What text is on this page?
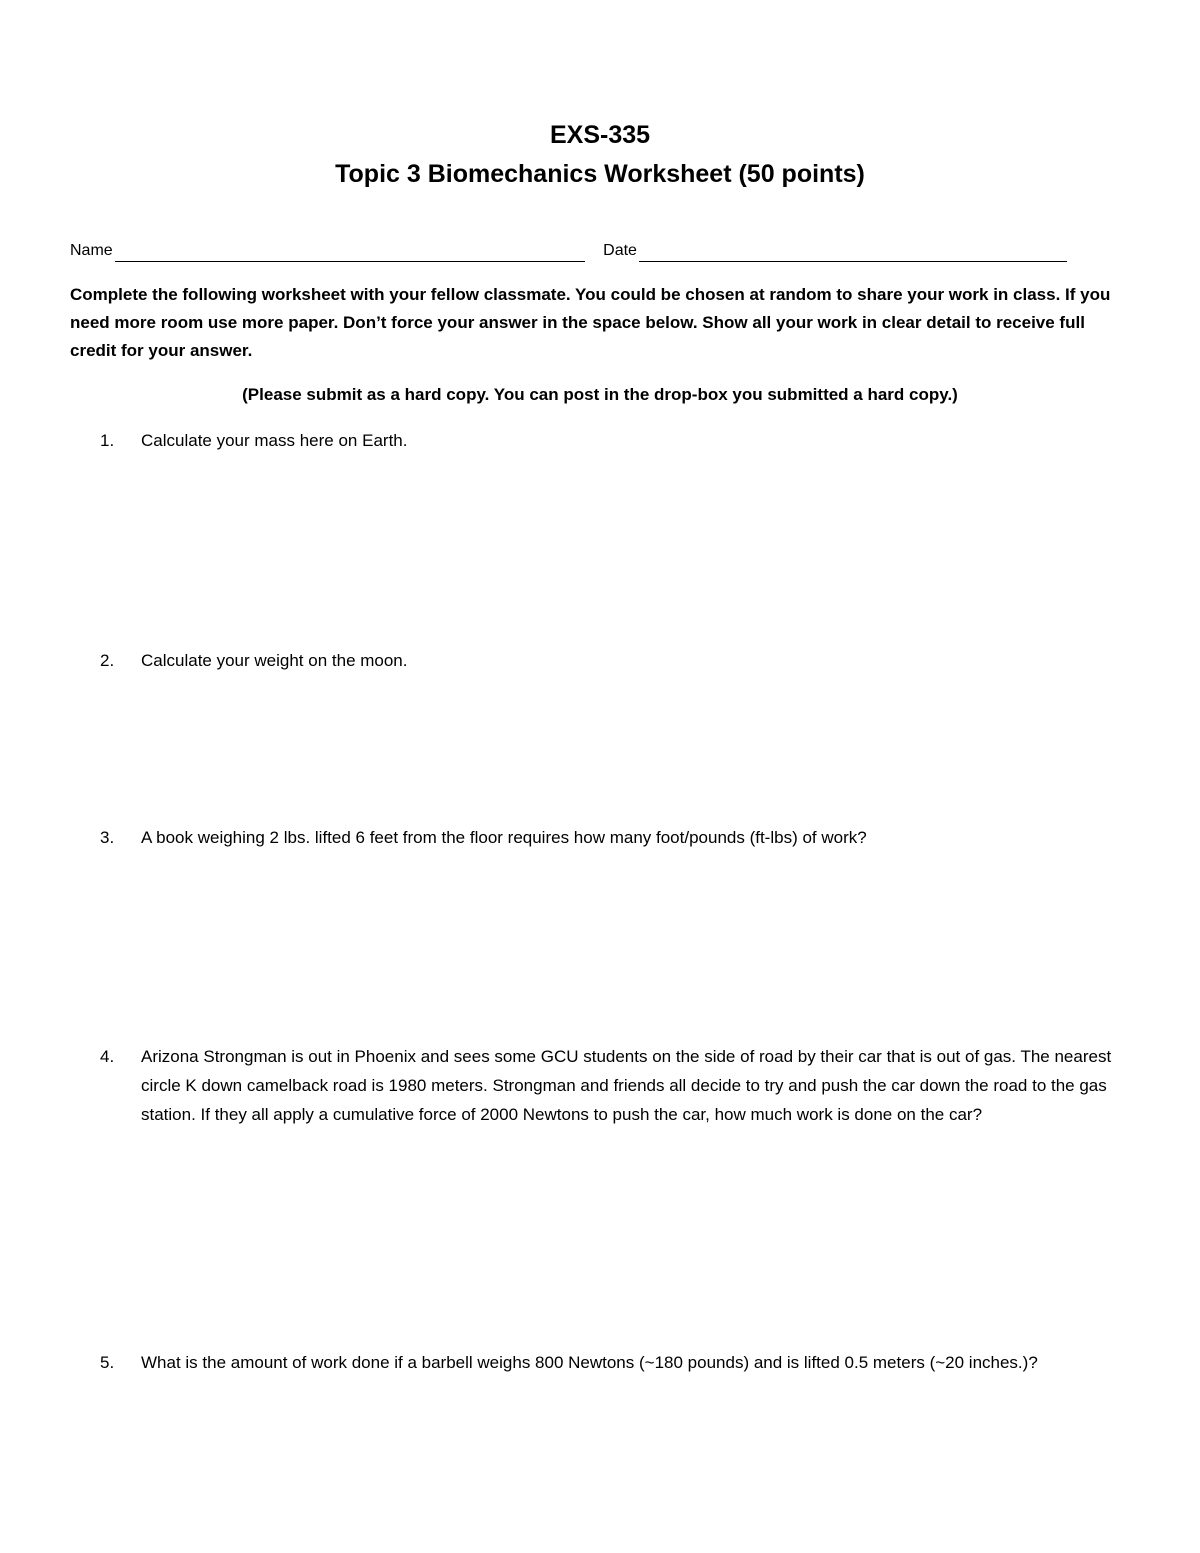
EXS-335
Topic 3 Biomechanics Worksheet (50 points)
Name	Date

Complete the following worksheet with your fellow classmate. You could be chosen at random to share your work in class. If you need more room use more paper. Don’t force your answer in the space below. Show all your work in clear detail to receive full credit for your answer.

(Please submit as a hard copy. You can post in the drop-box you submitted a hard copy.)
1.	Calculate your mass here on Earth.
2.	Calculate your weight on the moon.
3.	A book weighing 2 lbs. lifted 6 feet from the floor requires how many foot/pounds (ft-lbs) of work?
4.	Arizona Strongman is out in Phoenix and sees some GCU students on the side of road by their car that is out of gas. The nearest circle K down camelback road is 1980 meters. Strongman and friends all decide to try and push the car down the road to the gas station. If they all apply a cumulative force of 2000 Newtons to push the car, how much work is done on the car?
5.	What is the amount of work done if a barbell weighs 800 Newtons (~180 pounds) and is lifted 0.5 meters (~20 inches.)?
